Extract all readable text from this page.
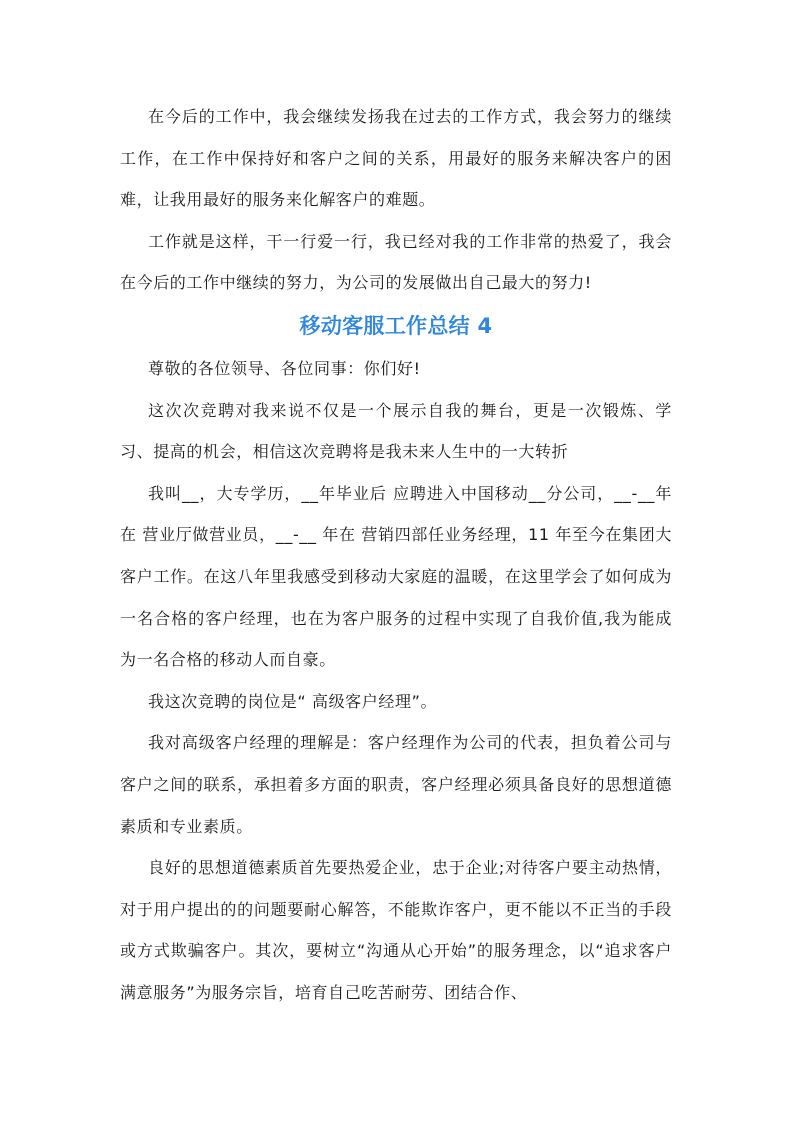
在今后的工作中，我会继续发扬我在过去的工作方式，我会努力的继续工作，在工作中保持好和客户之间的关系，用最好的服务来解决客户的困难，让我用最好的服务来化解客户的难题。

工作就是这样，干一行爱一行，我已经对我的工作非常的热爱了，我会在今后的工作中继续的努力，为公司的发展做出自己最大的努力!

移动客服工作总结 4

尊敬的各位领导、各位同事：你们好!

这次次竞聘对我来说不仅是一个展示自我的舞台，更是一次锻炼、学习、提高的机会，相信这次竞聘将是我未来人生中的一大转折

我叫__，大专学历，__年毕业后 应聘进入中国移动__分公司，__-__年在 营业厅做营业员，__-__ 年在 营销四部任业务经理，11 年至今在集团大客户工作。在这八年里我感受到移动大家庭的温暖，在这里学会了如何成为一名合格的客户经理，也在为客户服务的过程中实现了自我价值,我为能成为一名合格的移动人而自豪。

我这次竞聘的岗位是“ 高级客户经理”。

我对高级客户经理的理解是：客户经理作为公司的代表，担负着公司与客户之间的联系，承担着多方面的职责，客户经理必须具备良好的思想道德素质和专业素质。

良好的思想道德素质首先要热爱企业，忠于企业;对待客户要主动热情，对于用户提出的的问题要耐心解答，不能欺诈客户，更不能以不正当的手段或方式欺骗客户。其次，要树立“沟通从心开始”的服务理念，以“追求客户满意服务”为服务宗旨，培育自己吃苦耐劳、团结合作、
